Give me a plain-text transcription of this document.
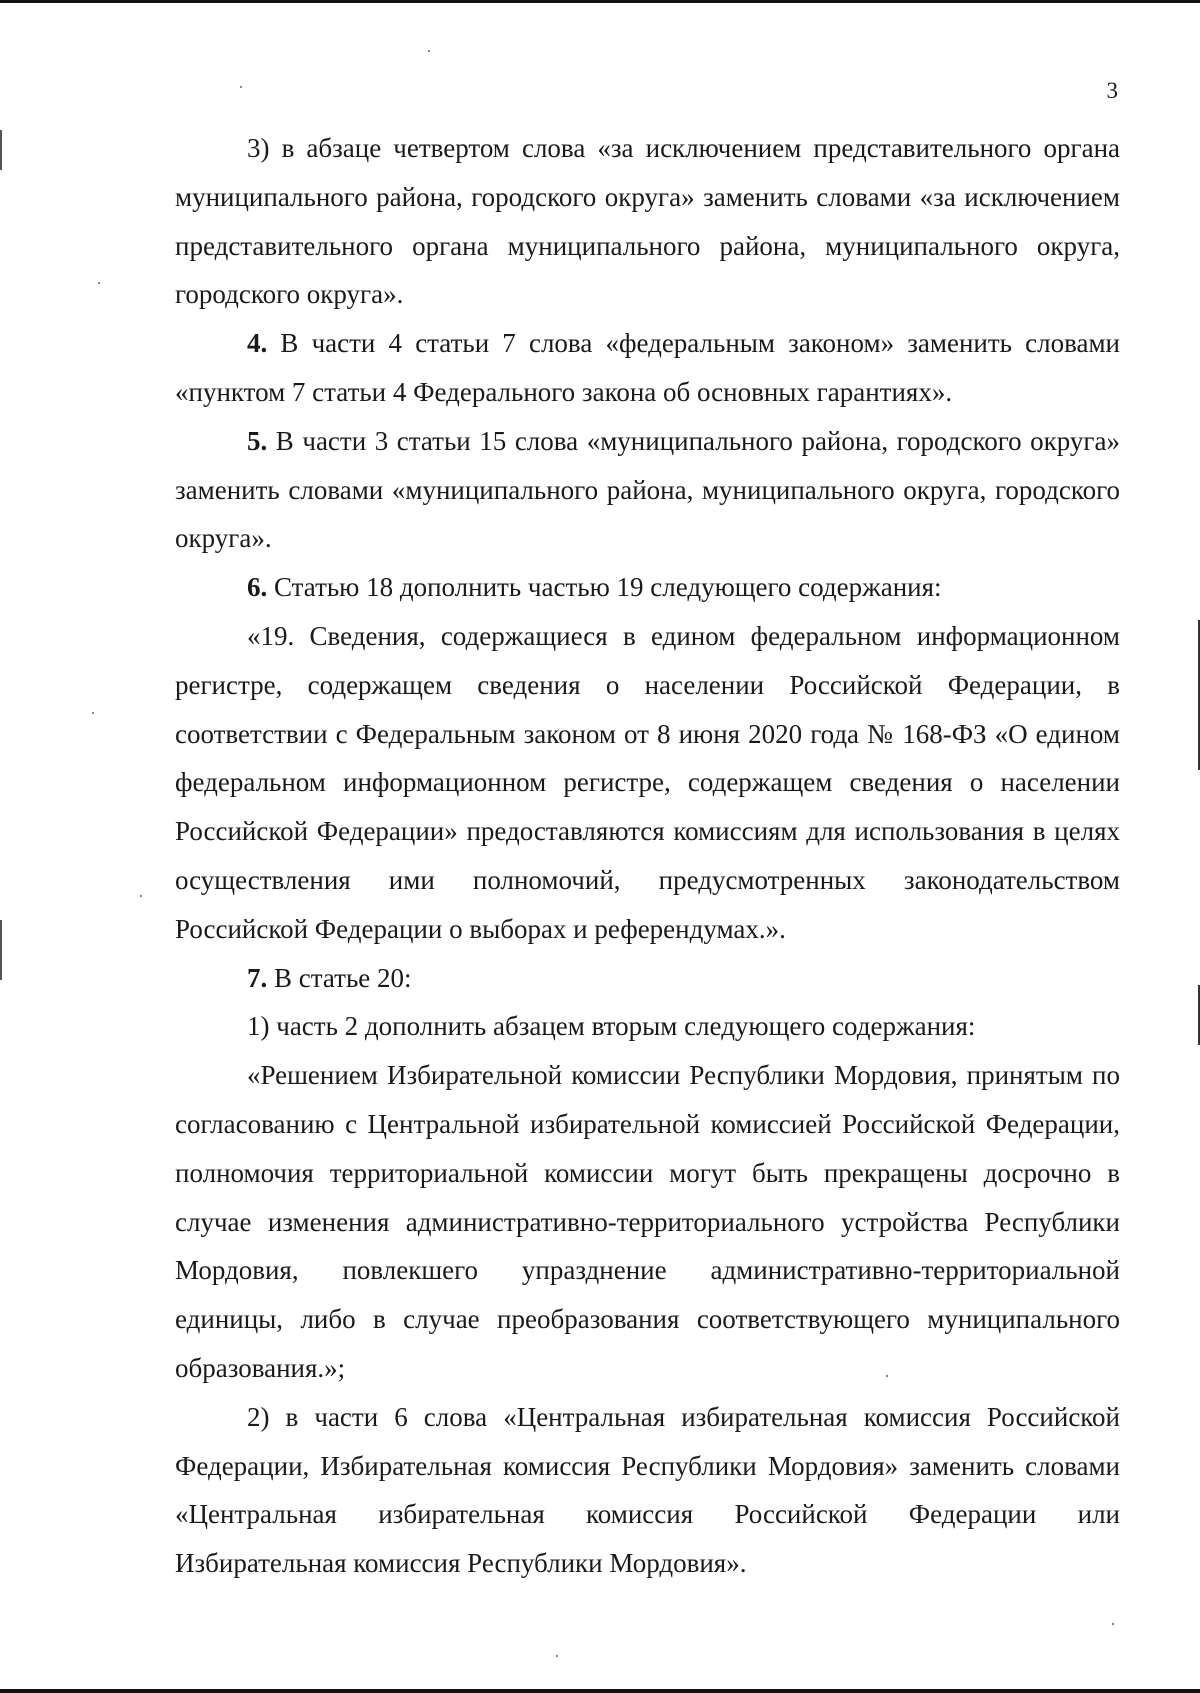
3

3) в абзаце четвертом слова «за исключением представительного органа муниципального района, городского округа» заменить словами «за исключением представительного органа муниципального района, муниципального округа, городского округа».

4. В части 4 статьи 7 слова «федеральным законом» заменить словами «пунктом 7 статьи 4 Федерального закона об основных гарантиях».

5. В части 3 статьи 15 слова «муниципального района, городского округа» заменить словами «муниципального района, муниципального округа, городского округа».

6. Статью 18 дополнить частью 19 следующего содержания:

«19. Сведения, содержащиеся в едином федеральном информационном регистре, содержащем сведения о населении Российской Федерации, в соответствии с Федеральным законом от 8 июня 2020 года № 168-ФЗ «О едином федеральном информационном регистре, содержащем сведения о населении Российской Федерации» предоставляются комиссиям для использования в целях осуществления ими полномочий, предусмотренных законодательством Российской Федерации о выборах и референдумах.».

7. В статье 20:

1) часть 2 дополнить абзацем вторым следующего содержания:

«Решением Избирательной комиссии Республики Мордовия, принятым по согласованию с Центральной избирательной комиссией Российской Федерации, полномочия территориальной комиссии могут быть прекращены досрочно в случае изменения административно-территориального устройства Республики Мордовия, повлекшего упразднение административно-территориальной единицы, либо в случае преобразования соответствующего муниципального образования.»;

2) в части 6 слова «Центральная избирательная комиссия Российской Федерации, Избирательная комиссия Республики Мордовия» заменить словами «Центральная избирательная комиссия Российской Федерации или Избирательная комиссия Республики Мордовия».
